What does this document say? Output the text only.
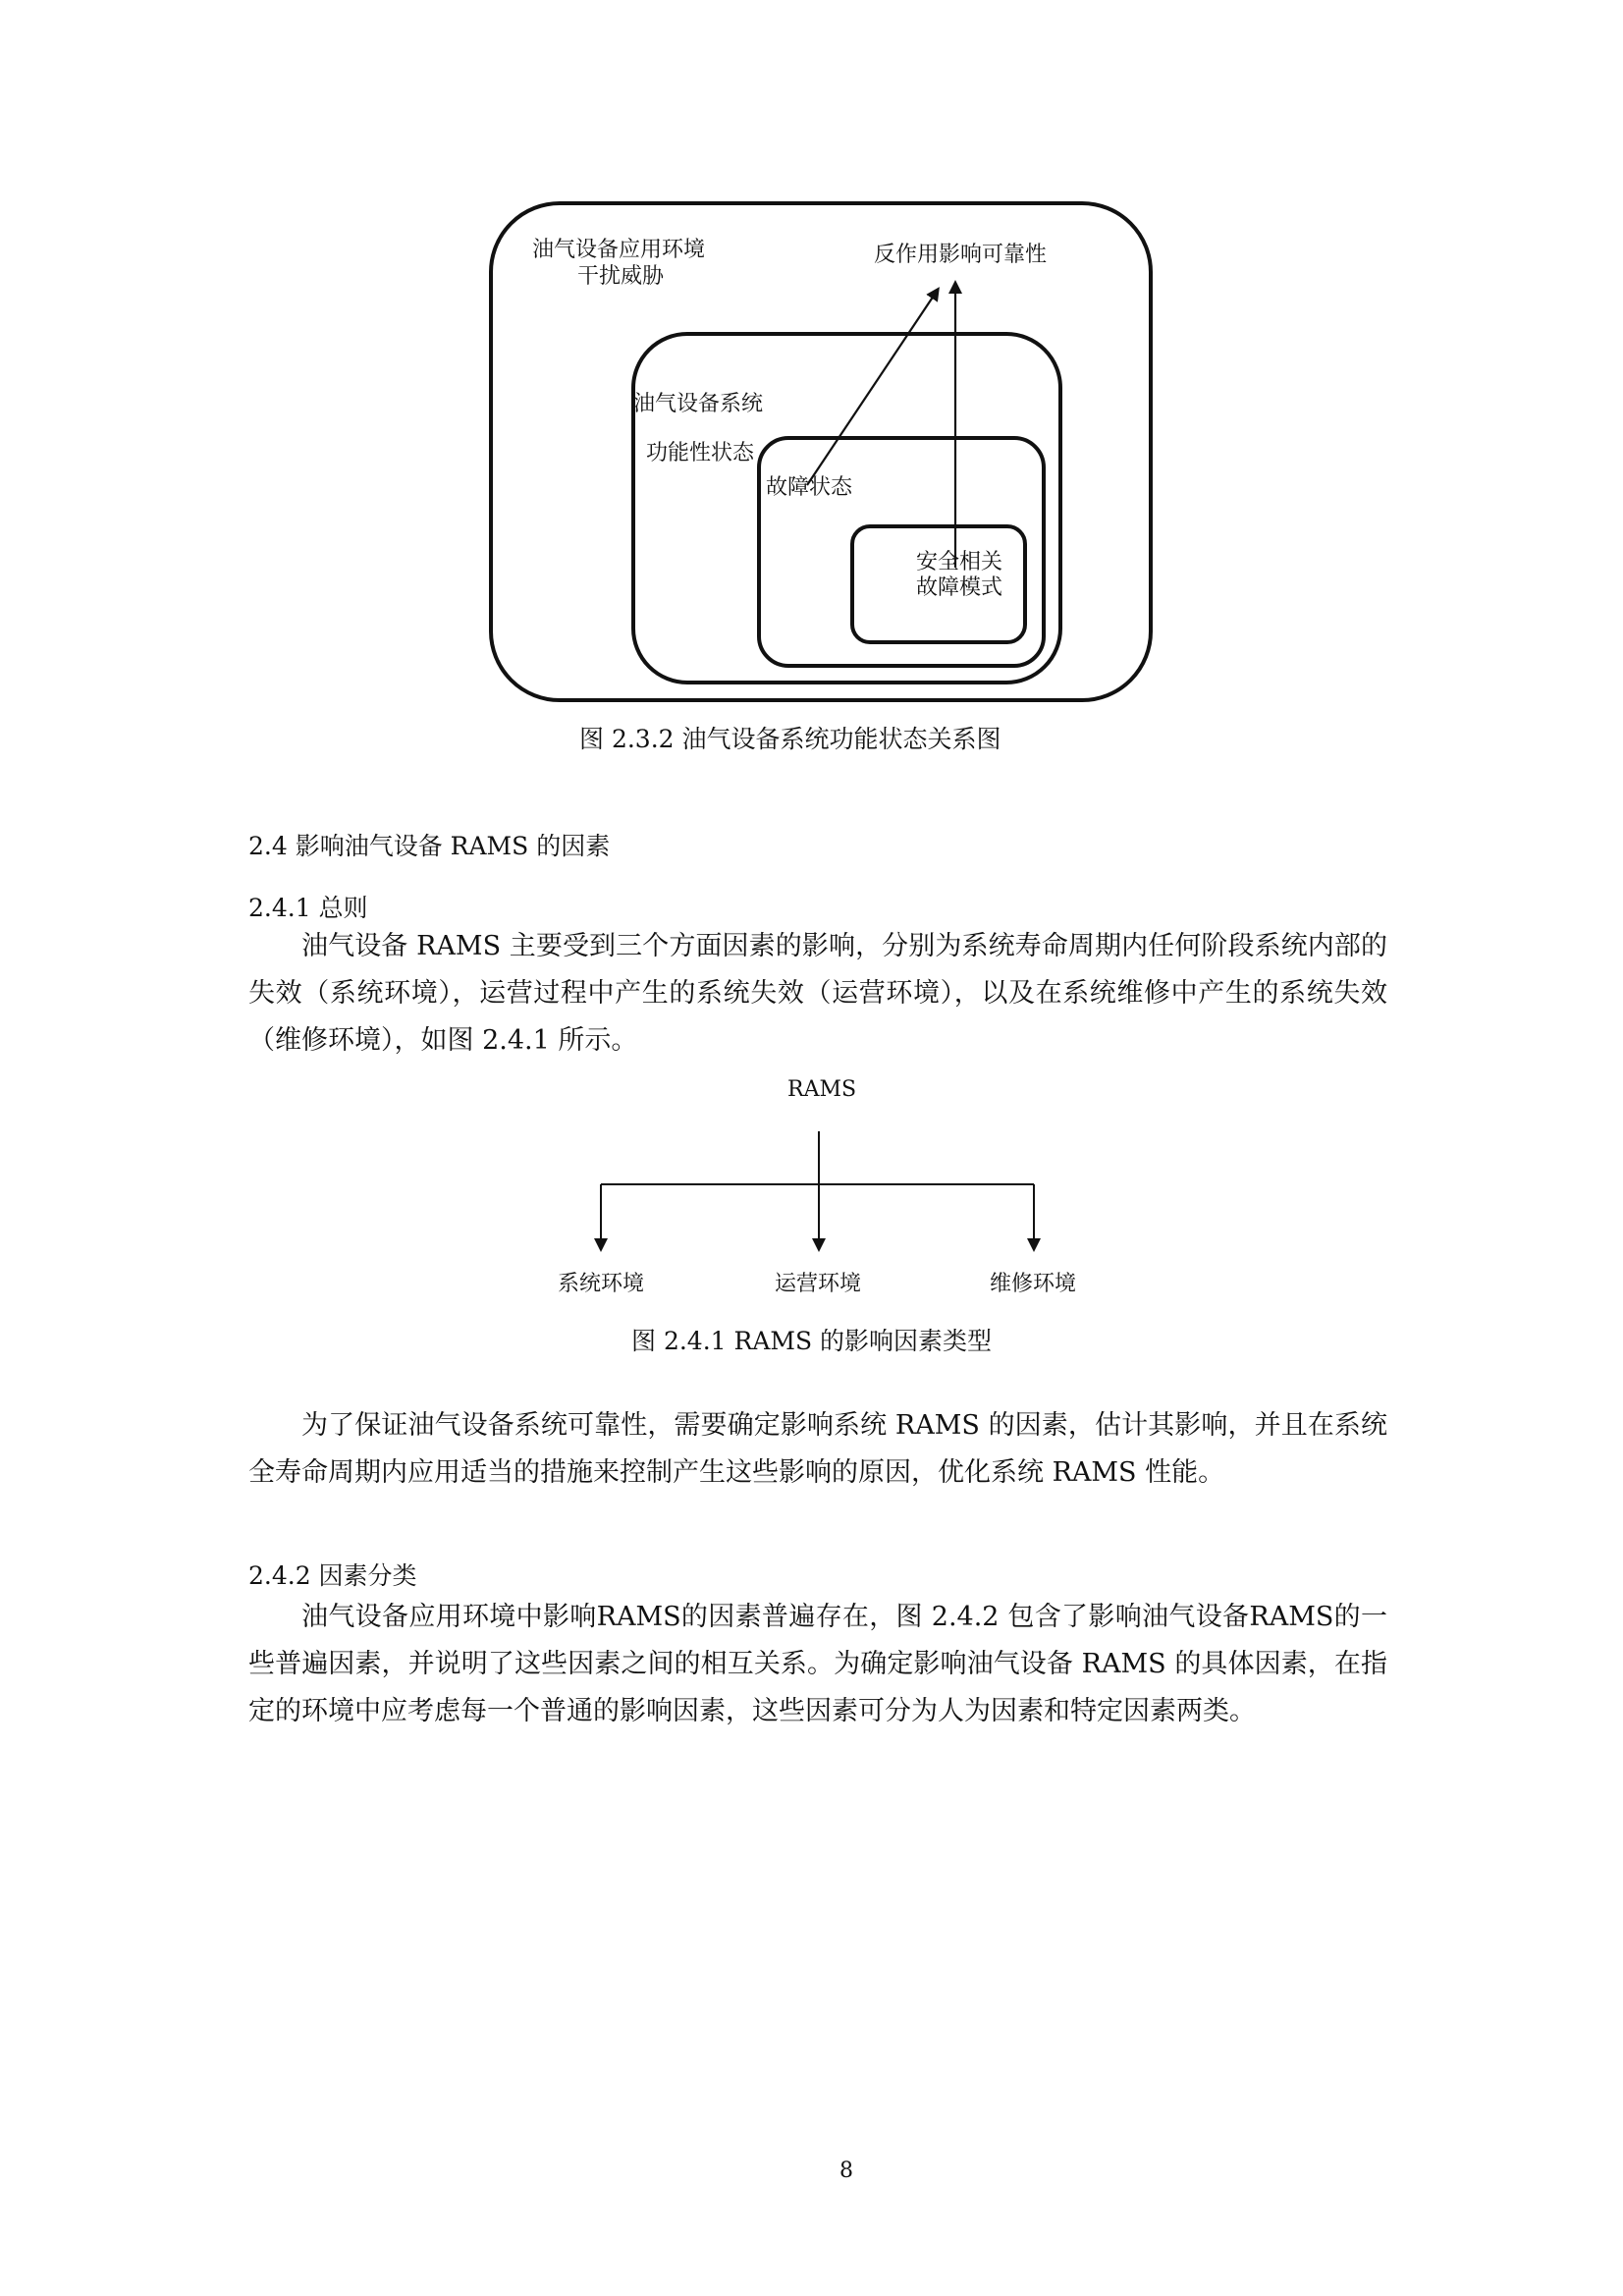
油气设备应用环境
干扰威胁
反作用影响可靠性
油气设备系统
功能性状态
故障状态
安全相关
故障模式
图 2.3.2 油气设备系统功能状态关系图
2.4 影响油气设备 RAMS 的因素
2.4.1 总则

油气设备 RAMS 主要受到三个方面因素的影响，分别为系统寿命周期内任何阶段系统内部的失效（系统环境），运营过程中产生的系统失效（运营环境），以及在系统维修中产生的系统失效（维修环境），如图 2.4.1 所示。

RAMS
系统环境	运营环境	维修环境
图 2.4.1 RAMS 的影响因素类型

为了保证油气设备系统可靠性，需要确定影响系统 RAMS 的因素，估计其影响，并且在系统全寿命周期内应用适当的措施来控制产生这些影响的原因，优化系统 RAMS 性能。

2.4.2 因素分类

油气设备应用环境中影响RAMS的因素普遍存在，图 2.4.2 包含了影响油气设备RAMS的一些普遍因素，并说明了这些因素之间的相互关系。为确定影响油气设备 RAMS 的具体因素，在指定的环境中应考虑每一个普通的影响因素，这些因素可分为人为因素和特定因素两类。

8
